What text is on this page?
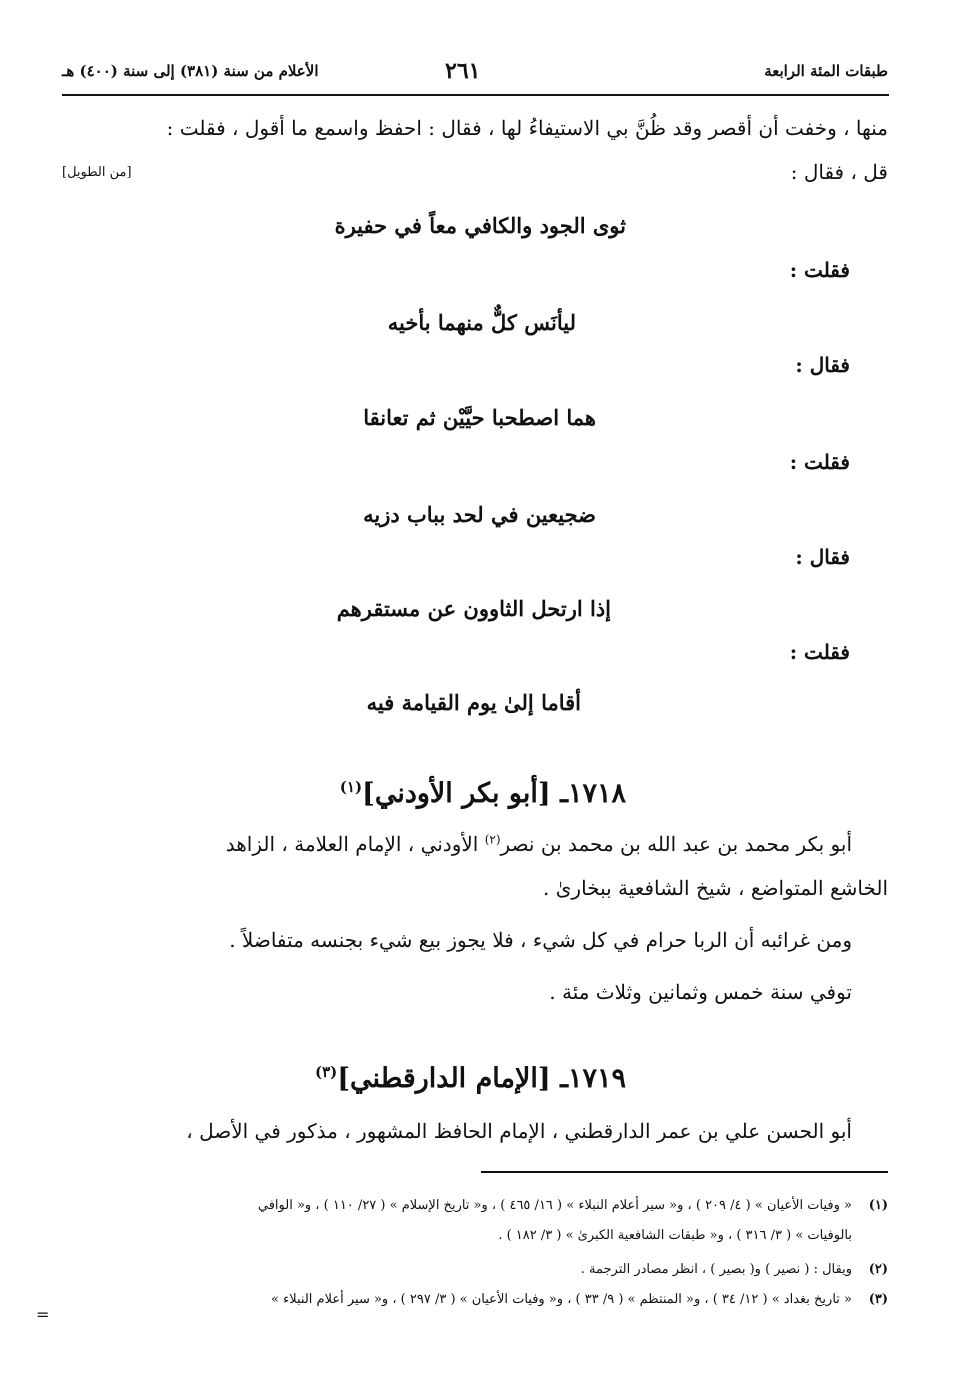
طبقات المئة الرابعة
٢٦١
الأعلام من سنة (٣٨١) إلى سنة (٤٠٠) هـ
منها ، وخفت أن أقصر وقد ظُنَّ بي الاستيفاءُ لها ، فقال : احفظ واسمع ما أقول ، فقلت :
قل ، فقال :
[من الطويل]
ثوى الجود والكافي معاً في حفيرة
فقلت :
ليأنَس كلٌّ منهما بأخيه
فقال :
هما اصطحبا حيَّيْن ثم تعانقا
فقلت :
ضجيعين في لحد بباب دزيه
فقال :
إذا ارتحل الثاوون عن مستقرهم
فقلت :
أقاما إلىٰ يوم القيامة فيه
١٧١٨ـ [أبو بكر الأودني]$^{(١)}$
أبو بكر محمد بن عبد الله بن محمد بن نصر$^{(٢)}$ الأودني ، الإمام العلامة ، الزاهد
الخاشع المتواضع ، شيخ الشافعية ببخارىٰ .
ومن غرائبه أن الربا حرام في كل شيء ، فلا يجوز بيع شيء بجنسه متفاضلاً .
توفي سنة خمس وثمانين وثلاث مئة .
١٧١٩ـ [الإمام الدارقطني]$^{(٣)}$
أبو الحسن علي بن عمر الدارقطني ، الإمام الحافظ المشهور ، مذكور في الأصل ،
(١)« وفيات الأعيان » ( ٤/ ٢٠٩ ) ، و« سير أعلام النبلاء » ( ١٦/ ٤٦٥ ) ، و« تاريخ الإسلام » ( ٢٧/ ١١٠ ) ، و« الوافي
بالوفيات » ( ٣/ ٣١٦ ) ، و« طبقات الشافعية الكبرىٰ » ( ٣/ ١٨٢ ) .
(٢)ويقال : ( نصير ) و( بصير ) ، انظر مصادر الترجمة .
(٣)« تاريخ بغداد » ( ١٢/ ٣٤ ) ، و« المنتظم » ( ٩/ ٣٣ ) ، و« وفيات الأعيان » ( ٣/ ٢٩٧ ) ، و« سير أعلام النبلاء »
=
